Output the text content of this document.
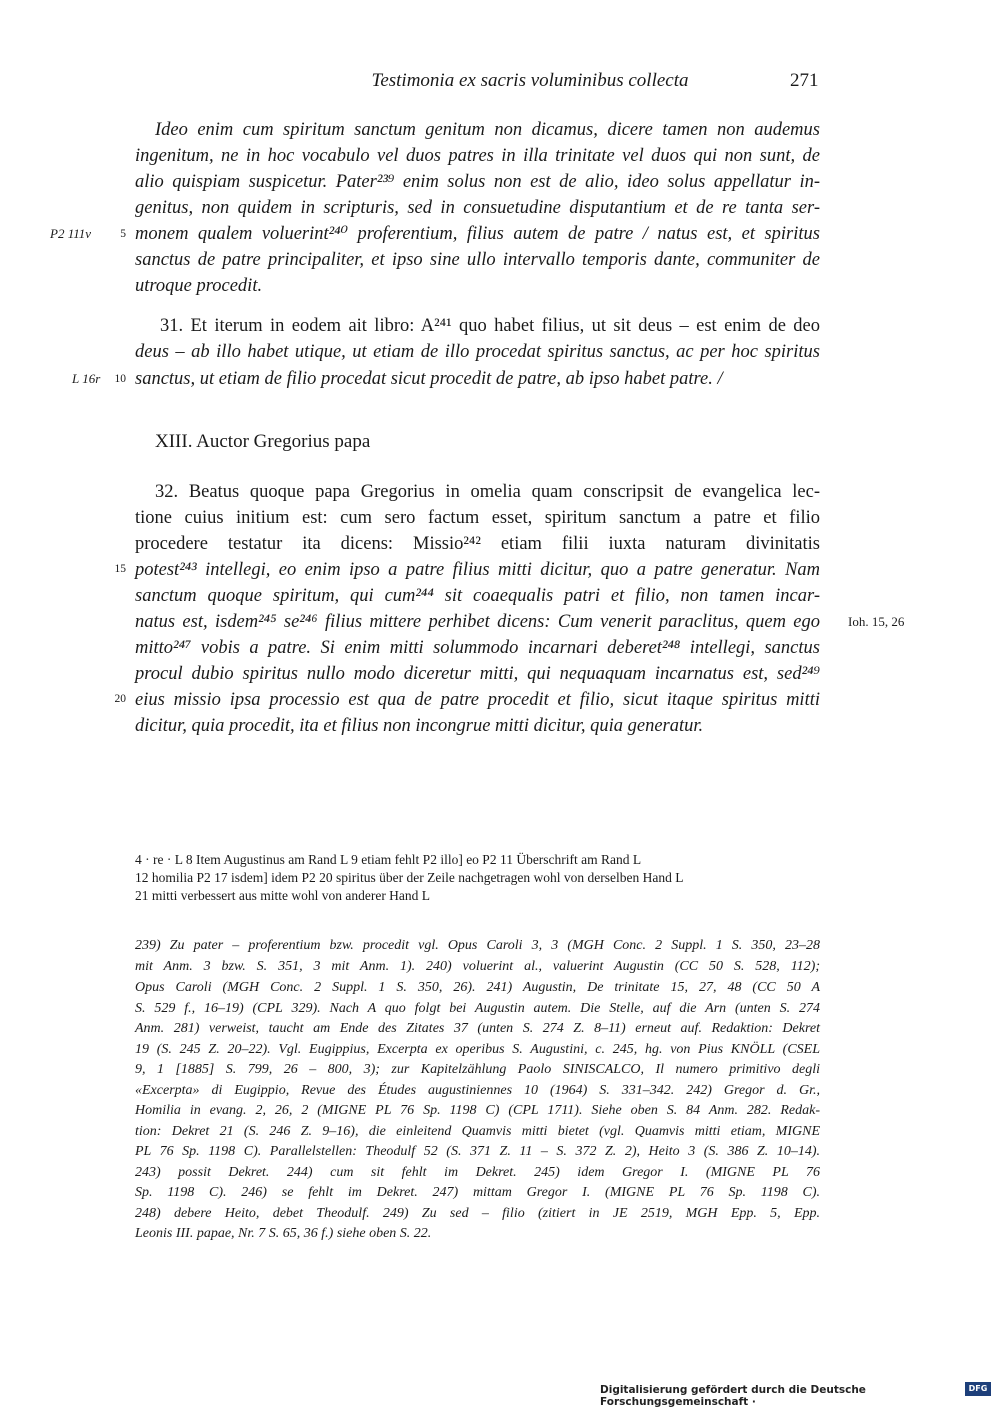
Testimonia ex sacris voluminibus collecta	271
Ideo enim cum spiritum sanctum genitum non dicamus, dicere tamen non audemus
ingenitum, ne in hoc vocabulo vel duos patres in illa trinitate vel duos qui non sunt, de
alio quispiam suspicetur. Pater²³⁹ enim solus non est de alio, ideo solus appellatur in-
genitus, non quidem in scripturis, sed in consuetudine disputantium et de re tanta ser-
monem qualem voluerint²⁴⁰ proferentium, filius autem de patre / natus est, et spiritus
sanctus de patre principaliter, et ipso sine ullo intervallo temporis dante, communiter de
utroque procedit.
31. Et iterum in eodem ait libro: A²⁴¹ quo habet filius, ut sit deus – est enim de deo
deus – ab illo habet utique, ut etiam de illo procedat spiritus sanctus, ac per hoc spiritus
sanctus, ut etiam de filio procedat sicut procedit de patre, ab ipso habet patre. /
XIII. Auctor Gregorius papa
32. Beatus quoque papa Gregorius in omelia quam conscripsit de evangelica lec-
tione cuius initium est: cum sero factum esset, spiritum sanctum a patre et filio
procedere testatur ita dicens: Missio²⁴² etiam filii iuxta naturam divinitatis
potest²⁴³ intellegi, eo enim ipso a patre filius mitti dicitur, quo a patre generatur. Nam
sanctum quoque spiritum, qui cum²⁴⁴ sit coaequalis patri et filio, non tamen incar-
natus est, isdem²⁴⁵ se²⁴⁶ filius mittere perhibet dicens: Cum venerit paraclitus, quem ego
mitto²⁴⁷ vobis a patre. Si enim mitti solummodo incarnari deberet²⁴⁸ intellegi, sanctus
procul dubio spiritus nullo modo diceretur mitti, qui nequaquam incarnatus est, sed²⁴⁹
eius missio ipsa processio est qua de patre procedit et filio, sicut itaque spiritus mitti
dicitur, quia procedit, ita et filius non incongrue mitti dicitur, quia generatur.
P2 111v	5
L 16r 10
15
Ioh. 15, 26
20
4 · re · L 8 Item Augustinus am Rand L 9 etiam fehlt P2 illo] eo P2 11 Überschrift am Rand L
12 homilia P2 17 isdem] idem P2 20 spiritus über der Zeile nachgetragen wohl von derselben Hand L
21 mitti verbessert aus mitte wohl von anderer Hand L
239) Zu pater – proferentium bzw. procedit vgl. Opus Caroli 3, 3 (MGH Conc. 2 Suppl. 1 S. 350, 23–28
mit Anm. 3 bzw. S. 351, 3 mit Anm. 1). 240) voluerint al., valuerint Augustin (CC 50 S. 528, 112);
Opus Caroli (MGH Conc. 2 Suppl. 1 S. 350, 26). 241) Augustin, De trinitate 15, 27, 48 (CC 50 A
S. 529 f., 16–19) (CPL 329). Nach A quo folgt bei Augustin autem. Die Stelle, auf die Arn (unten S. 274
Anm. 281) verweist, taucht am Ende des Zitates 37 (unten S. 274 Z. 8–11) erneut auf. Redaktion: Dekret
19 (S. 245 Z. 20–22). Vgl. Eugippius, Excerpta ex operibus S. Augustini, c. 245, hg. von Pius KNÖLL (CSEL
9, 1 [1885] S. 799, 26 – 800, 3); zur Kapitelzählung Paolo SINISCALCO, Il numero primitivo degli
«Excerpta» di Eugippio, Revue des Études augustiniennes 10 (1964) S. 331–342. 242) Gregor d. Gr.,
Homilia in evang. 2, 26, 2 (MIGNE PL 76 Sp. 1198 C) (CPL 1711). Siehe oben S. 84 Anm. 282. Redak-
tion: Dekret 21 (S. 246 Z. 9–16), die einleitend Quamvis mitti bietet (vgl. Quamvis mitti etiam, MIGNE
PL 76 Sp. 1198 C). Parallelstellen: Theodulf 52 (S. 371 Z. 11 – S. 372 Z. 2), Heito 3 (S. 386 Z. 10–14).
243) possit Dekret. 244) cum sit fehlt im Dekret. 245) idem Gregor I. (MIGNE PL 76
Sp. 1198 C). 246) se fehlt im Dekret. 247) mittam Gregor I. (MIGNE PL 76 Sp. 1198 C).
248) debere Heito, debet Theodulf. 249) Zu sed – filio (zitiert in JE 2519, MGH Epp. 5, Epp.
Leonis III. papae, Nr. 7 S. 65, 36 f.) siehe oben S. 22.
Digitalisierung gefördert durch die Deutsche Forschungsgemeinschaft ·
DFG
